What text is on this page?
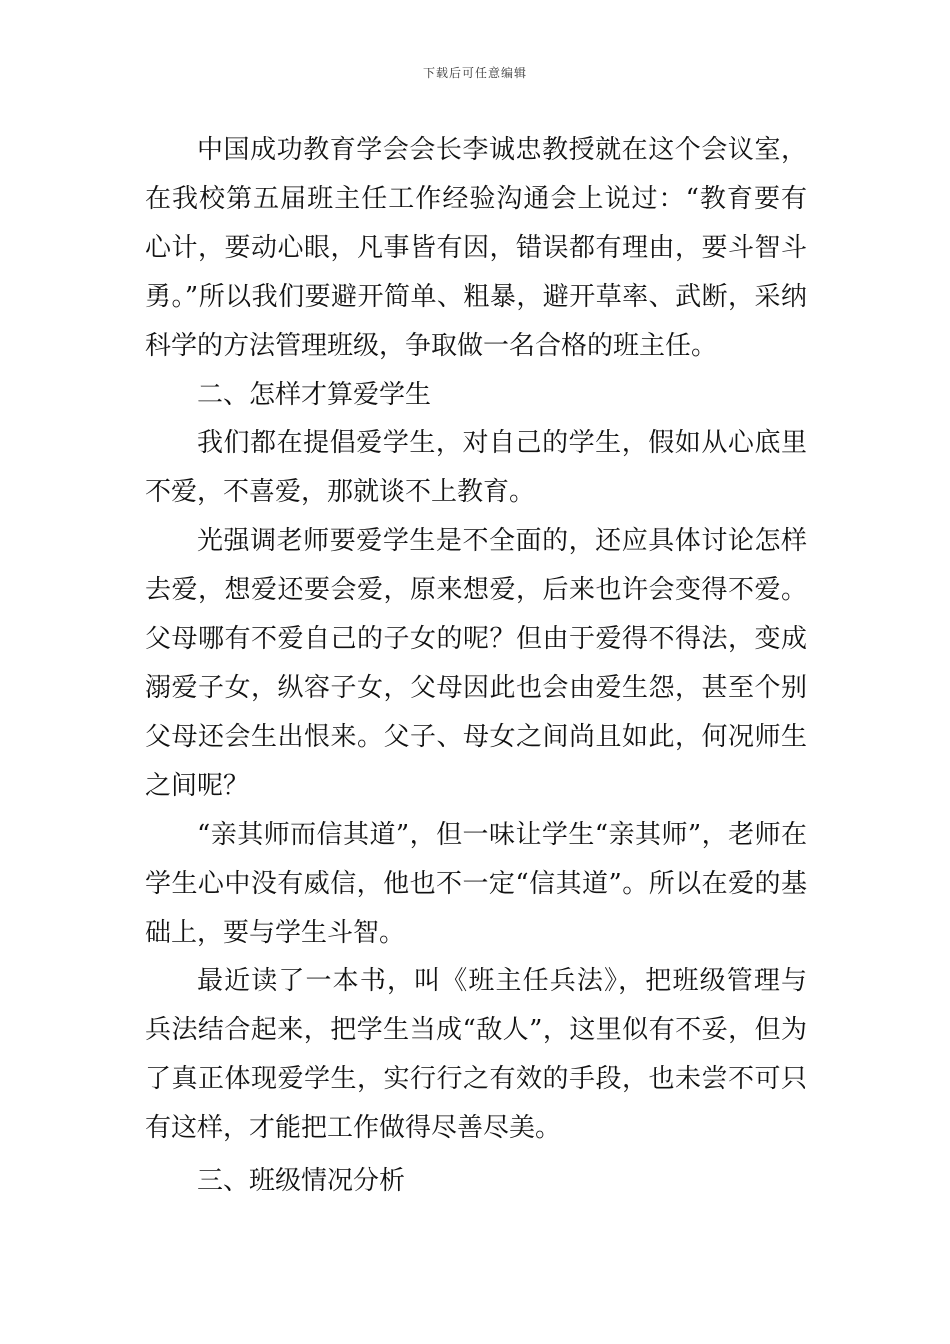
下载后可任意编辑

中国成功教育学会会长李诚忠教授就在这个会议室，在我校第五届班主任工作经验沟通会上说过：“教育要有心计，要动心眼，凡事皆有因，错误都有理由，要斗智斗勇。”所以我们要避开简单、粗暴，避开草率、武断，采纳科学的方法管理班级，争取做一名合格的班主任。

二、怎样才算爱学生

我们都在提倡爱学生，对自己的学生，假如从心底里不爱，不喜爱，那就谈不上教育。

光强调老师要爱学生是不全面的，还应具体讨论怎样去爱，想爱还要会爱，原来想爱，后来也许会变得不爱。父母哪有不爱自己的子女的呢？但由于爱得不得法，变成溺爱子女，纵容子女，父母因此也会由爱生怨，甚至个别父母还会生出恨来。父子、母女之间尚且如此，何况师生之间呢？

“亲其师而信其道”，但一味让学生“亲其师”，老师在学生心中没有威信，他也不一定“信其道”。所以在爱的基础上，要与学生斗智。

最近读了一本书，叫《班主任兵法》，把班级管理与兵法结合起来，把学生当成“敌人”，这里似有不妥，但为了真正体现爱学生，实行行之有效的手段，也未尝不可只有这样，才能把工作做得尽善尽美。

三、班级情况分析
